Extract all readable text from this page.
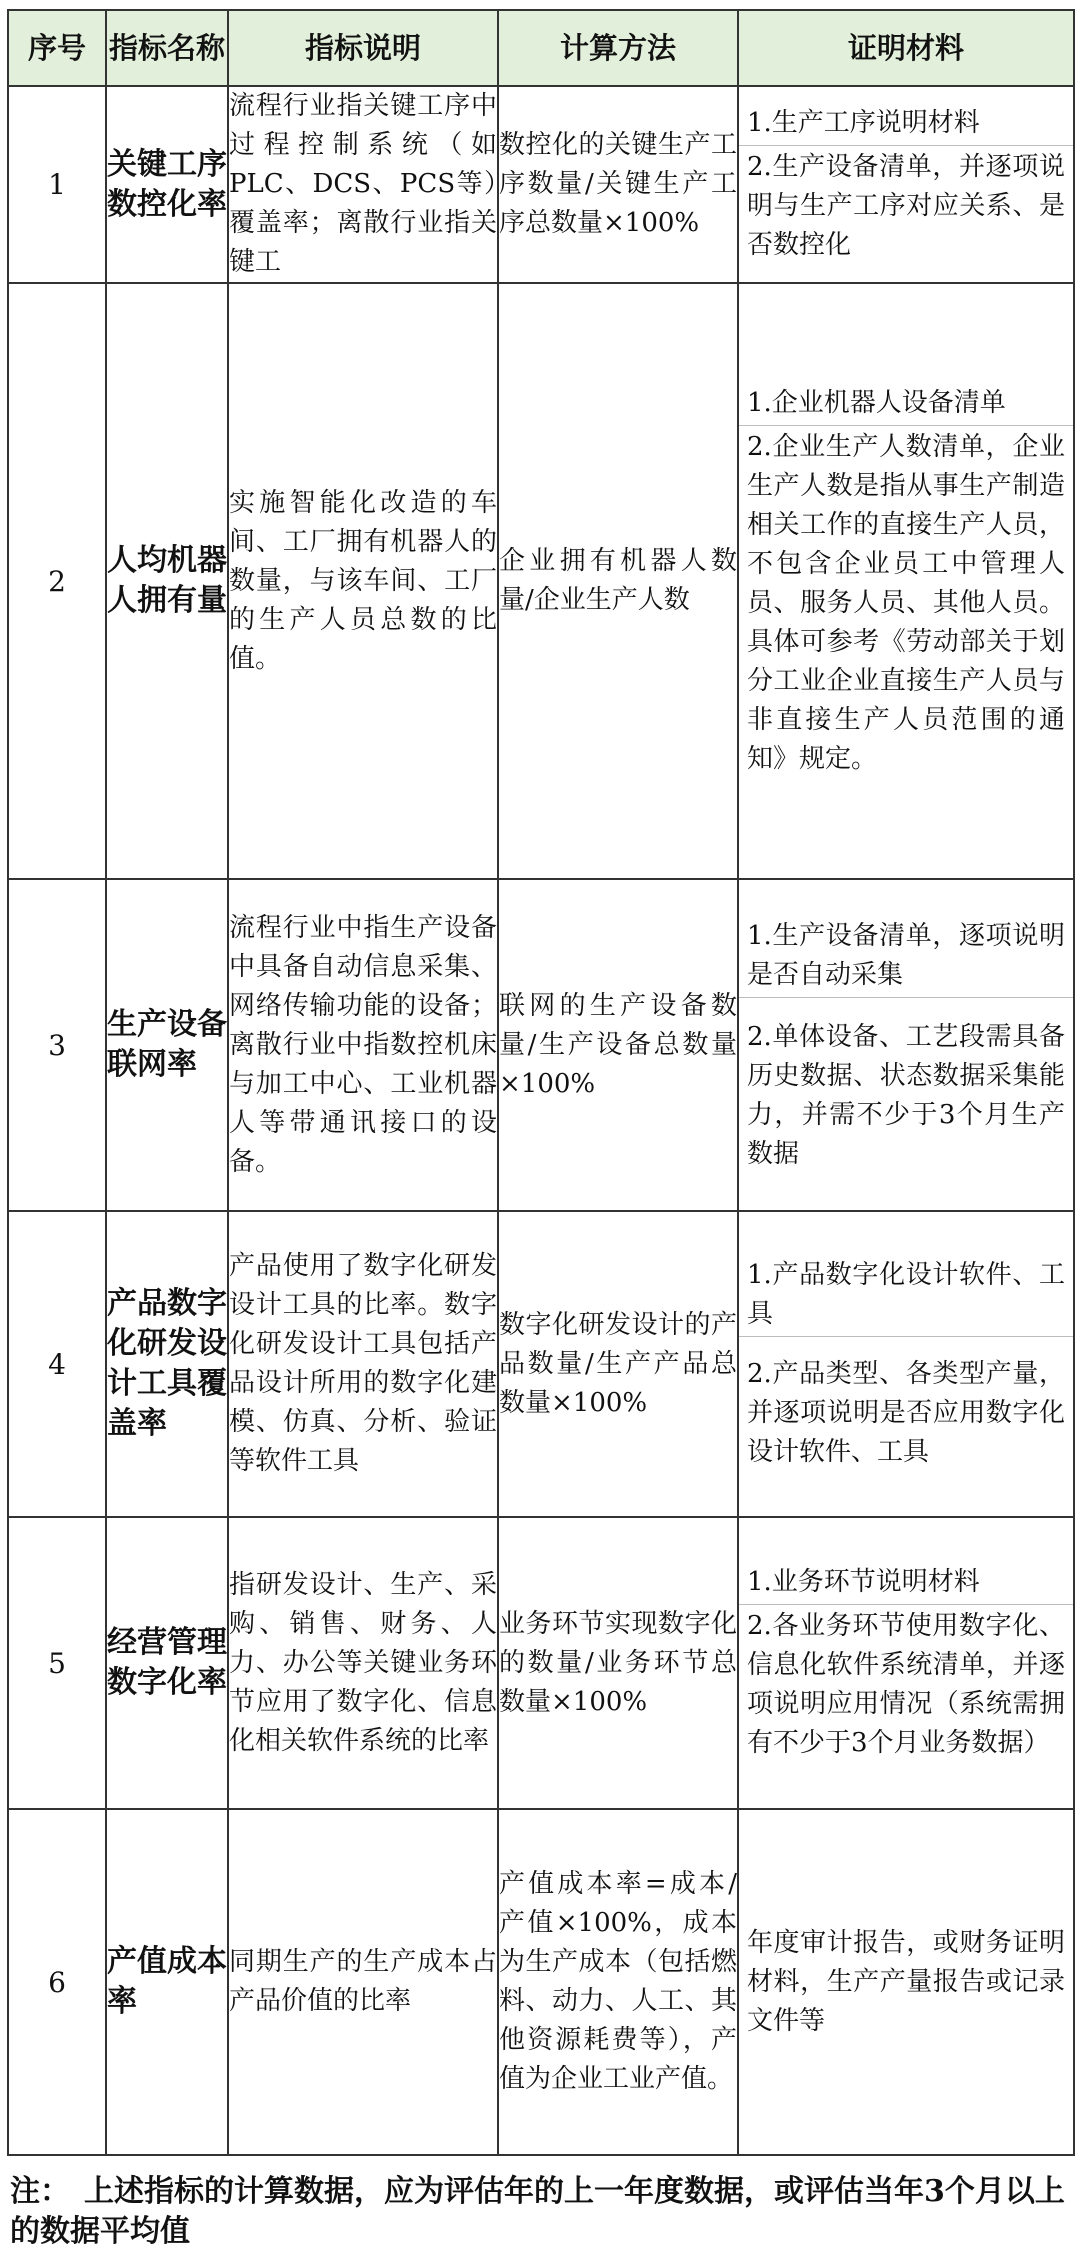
序号	指标名称	指标说明	计算方法	证明材料
1	关键工序数控化率	流程行业指关键工序中过程控制系统（如PLC、DCS、PCS等）覆盖率；离散行业指关键工	数控化的关键生产工序数量/关键生产工序总数量×100%	1.生产工序说明材料
2.生产设备清单，并逐项说明与生产工序对应关系、是否数控化

2	人均机器人拥有量	实施智能化改造的车间、工厂拥有机器人的数量，与该车间、工厂的生产人员总数的比值。	企业拥有机器人数量/企业生产人数	1.企业机器人设备清单
2.企业生产人数清单，企业生产人数是指从事生产制造相关工作的直接生产人员，不包含企业员工中管理人员、服务人员、其他人员。具体可参考《劳动部关于划分工业企业直接生产人员与非直接生产人员范围的通知》规定。

3	生产设备联网率	流程行业中指生产设备中具备自动信息采集、网络传输功能的设备；离散行业中指数控机床与加工中心、工业机器人等带通讯接口的设备。	联网的生产设备数量/生产设备总数量×100%	1.生产设备清单，逐项说明是否自动采集
2.单体设备、工艺段需具备历史数据、状态数据采集能力，并需不少于3个月生产数据

4	产品数字化研发设计工具覆盖率	产品使用了数字化研发设计工具的比率。数字化研发设计工具包括产品设计所用的数字化建模、仿真、分析、验证等软件工具	数字化研发设计的产品数量/生产产品总数量×100%	1.产品数字化设计软件、工具
2.产品类型、各类型产量，并逐项说明是否应用数字化设计软件、工具

5	经营管理数字化率	指研发设计、生产、采购、销售、财务、人力、办公等关键业务环节应用了数字化、信息化相关软件系统的比率	业务环节实现数字化的数量/业务环节总数量×100%	1.业务环节说明材料
2.各业务环节使用数字化、信息化软件系统清单，并逐项说明应用情况（系统需拥有不少于3个月业务数据）

6	产值成本率	同期生产的生产成本占产品价值的比率	产值成本率=成本/产值×100%，成本为生产成本（包括燃料、动力、人工、其他资源耗费等），产值为企业工业产值。	年度审计报告，或财务证明材料，生产产量报告或记录文件等
注： 上述指标的计算数据，应为评估年的上一年度数据，或评估当年3个月以上的数据平均值
